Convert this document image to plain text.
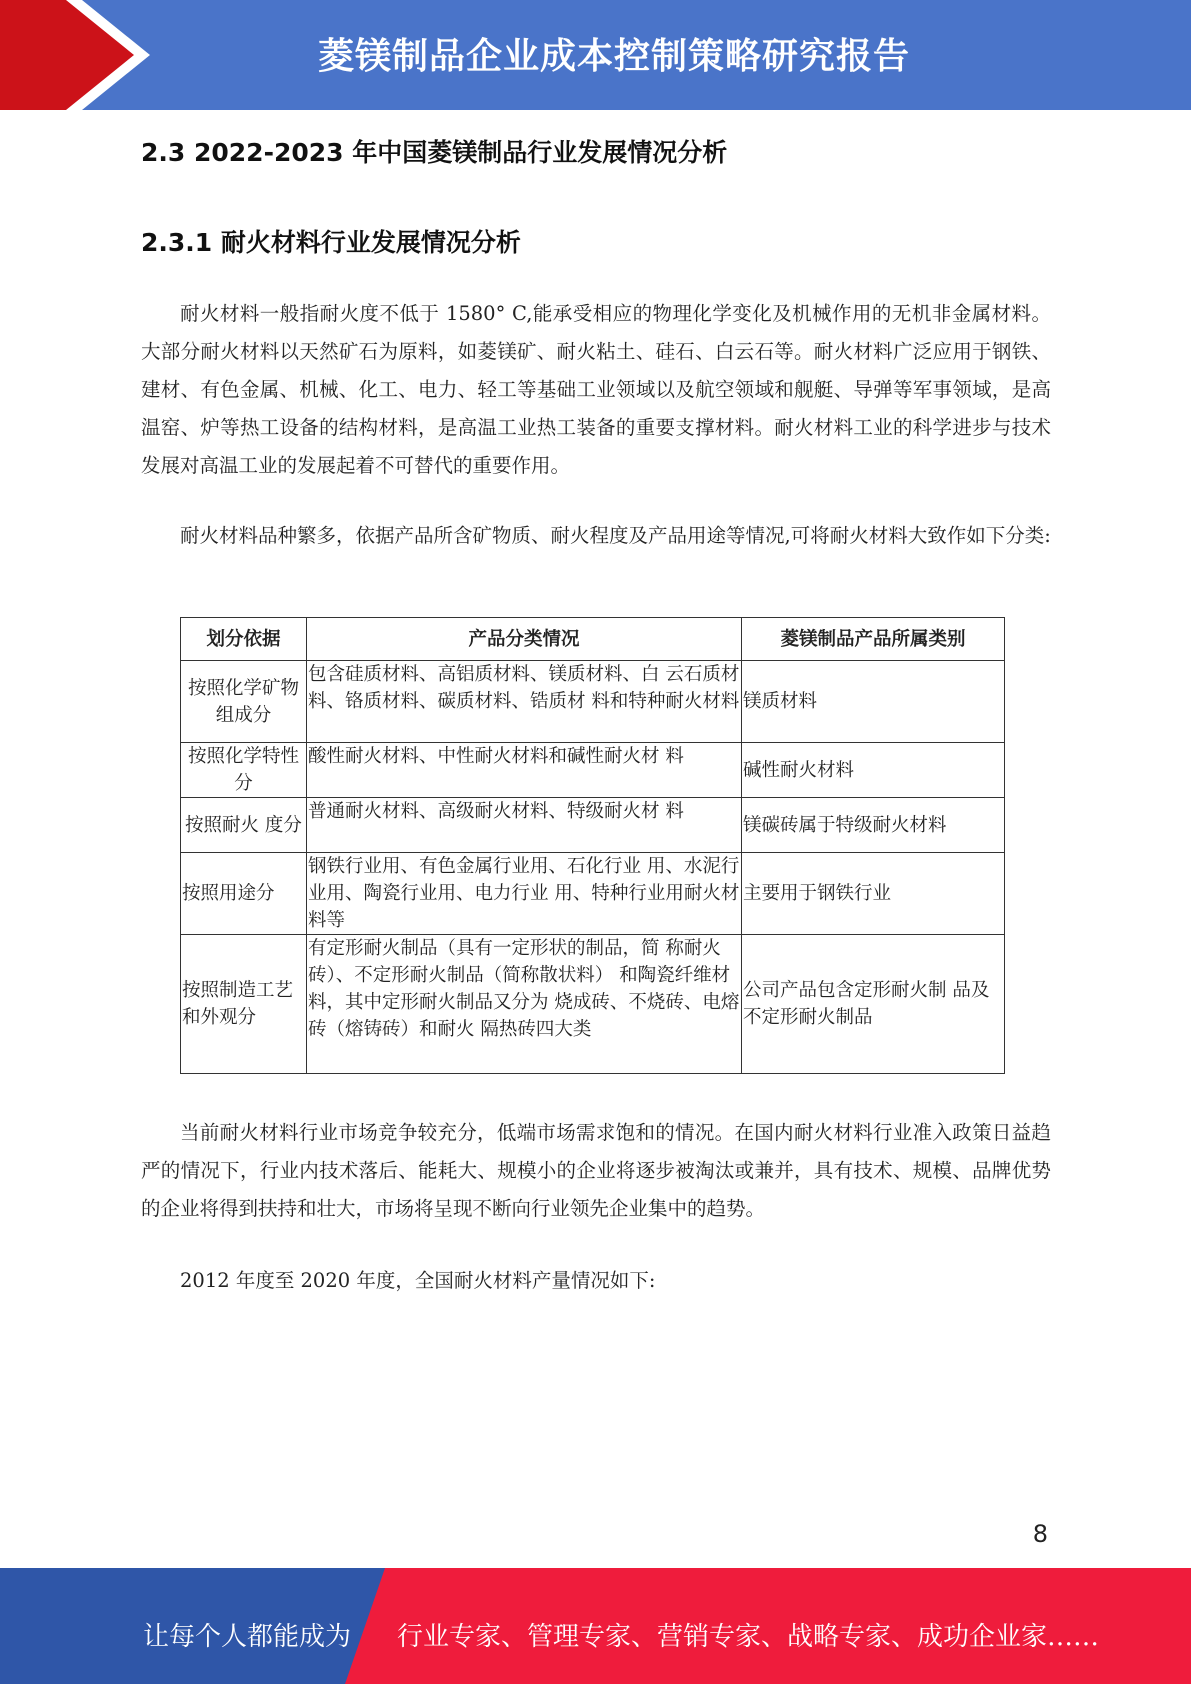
菱镁制品企业成本控制策略研究报告
2.3 2022-2023 年中国菱镁制品行业发展情况分析
2.3.1 耐火材料行业发展情况分析

耐火材料一般指耐火度不低于 1580° C,能承受相应的物理化学变化及机械作用的无机非金属材料。大部分耐火材料以天然矿石为原料，如菱镁矿、耐火粘土、硅石、白云石等。耐火材料广泛应用于钢铁、建材、有色金属、机械、化工、电力、轻工等基础工业领域以及航空领域和舰艇、导弹等军事领域，是高温窑、炉等热工设备的结构材料，是高温工业热工装备的重要支撑材料。耐火材料工业的科学进步与技术发展对高温工业的发展起着不可替代的重要作用。

耐火材料品种繁多，依据产品所含矿物质、耐火程度及产品用途等情况,可将耐火材料大致作如下分类:

划分依据	产品分类情况	菱镁制品产品所属类别
按照化学矿物组成分	包含硅质材料、高铝质材料、镁质材料、白 云石质材料、铬质材料、碳质材料、锆质材 料和特种耐火材料	镁质材料
按照化学特性分	酸性耐火材料、中性耐火材料和碱性耐火材 料	碱性耐火材料
按照耐火 度分	普通耐火材料、高级耐火材料、特级耐火材 料	镁碳砖属于特级耐火材料
按照用途分	钢铁行业用、有色金属行业用、石化行业 用、水泥行业用、陶瓷行业用、电力行业 用、特种行业用耐火材料等	主要用于钢铁行业
按照制造工艺和外观分	有定形耐火制品（具有一定形状的制品，简 称耐火砖）、不定形耐火制品（简称散状料） 和陶瓷纤维材料，其中定形耐火制品又分为 烧成砖、不烧砖、电熔砖（熔铸砖）和耐火 隔热砖四大类	公司产品包含定形耐火制 品及不定形耐火制品

当前耐火材料行业市场竞争较充分，低端市场需求饱和的情况。在国内耐火材料行业准入政策日益趋严的情况下，行业内技术落后、能耗大、规模小的企业将逐步被淘汰或兼并，具有技术、规模、品牌优势的企业将得到扶持和壮大，市场将呈现不断向行业领先企业集中的趋势。

2012 年度至 2020 年度，全国耐火材料产量情况如下:

8
让每个人都能成为 行业专家、管理专家、营销专家、战略专家、成功企业家……
